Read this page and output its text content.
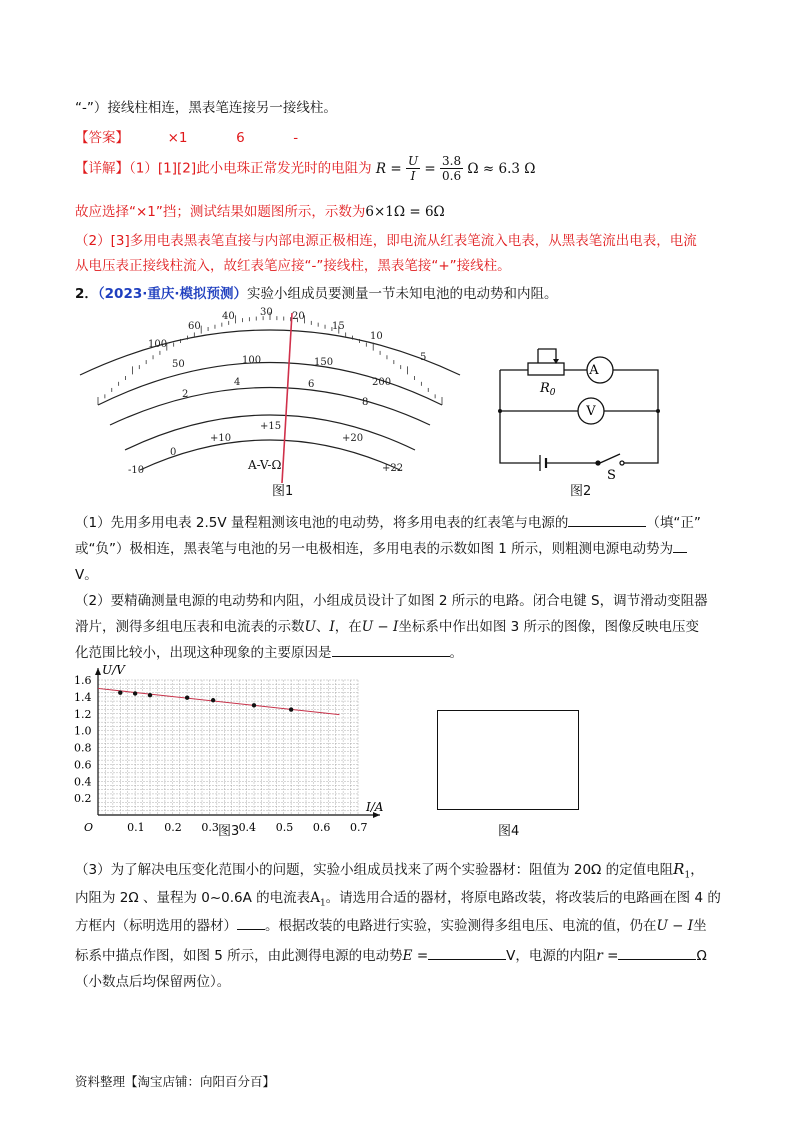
“-”）接线柱相连，黑表笔连接另一接线柱。
【答案】	×1	6	-
【详解】（1）[1][2]此小电珠正常发光时的电阻为 $R = \frac{U}{I} = \frac{3.8}{0.6}$ Ω ≈ 6.3 Ω
故应选择“×1”挡；测试结果如题图所示，示数为6×1Ω = 6Ω
（2）[3]多用电表黑表笔直接与内部电源正极相连，即电流从红表笔流入电表，从黑表笔流出电表，电流
从电压表正接线柱流入，故红表笔应接“-”接线柱，黑表笔接“+”接线柱。
2．（2023·重庆·模拟预测）实验小组成员要测量一节未知电池的电动势和内阻。
30 20
40
60
100
15
10
5
50	100	150
200
2
4	6
8
+10
+15
+20
-10
0
+22
A-V-Ω
图1
A
V
$R_0$
S
图2
（1）先用多用电表 2.5V 量程粗测该电池的电动势，将多用电表的红表笔与电源的	（填“正”
或“负”）极相连，黑表笔与电池的另一电极相连，多用电表的示数如图 1 所示，则粗测电源电动势为
V。
（2）要精确测量电源的电动势和内阻，小组成员设计了如图 2 所示的电路。闭合电键 S，调节滑动变阻器
滑片，测得多组电压表和电流表的示数U、I，在U − I坐标系中作出如图 3 所示的图像，图像反映电压变
化范围比较小，出现这种现象的主要原因是	。
O	0.1 0.2 0.3 0.4 0.5 0.6 0.7
1.6
1.4
1.2
1.0
0.8
0.6
0.4
0.2
U/V
I/A
图3	图4
（3）为了解决电压变化范围小的问题，实验小组成员找来了两个实验器材：阻值为 20Ω 的定值电阻$R_1$，
内阻为 2Ω 、量程为 0~0.6A 的电流表$A_1$。请选用合适的器材，将原电路改装，将改装后的电路画在图 4 的
方框内（标明选用的器材） 。根据改装的电路进行实验，实验测得多组电压、电流的值，仍在U − I坐
标系中描点作图，如图 5 所示，由此测得电源的电动势E =	V，电源的内阻r =	Ω
（小数点后均保留两位）。
资料整理【淘宝店铺：向阳百分百】
